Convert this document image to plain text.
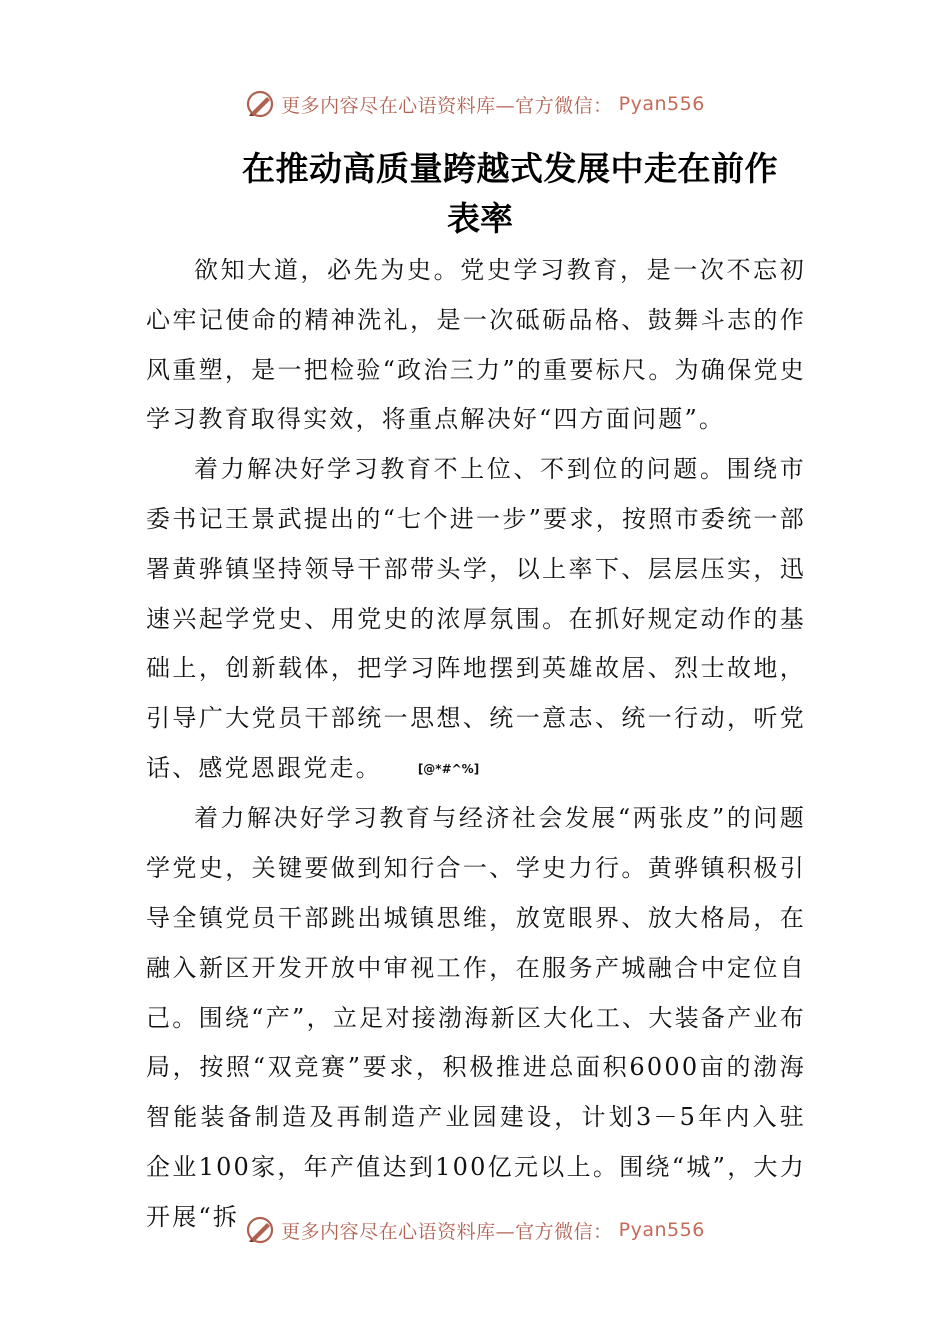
更多内容尽在心语资料库—官方微信： Pyan556
在推动高质量跨越式发展中走在前作
表率

欲知大道，必先为史。党史学习教育，是一次不忘初心牢记使命的精神洗礼，是一次砥砺品格、鼓舞斗志的作风重塑，是一把检验“政治三力”的重要标尺。为确保党史学习教育取得实效，将重点解决好“四方面问题”。

着力解决好学习教育不上位、不到位的问题。围绕市委书记王景武提出的“七个进一步”要求，按照市委统一部署黄骅镇坚持领导干部带头学，以上率下、层层压实，迅速兴起学党史、用党史的浓厚氛围。在抓好规定动作的基础上，创新载体，把学习阵地摆到英雄故居、烈士故地，引导广大党员干部统一思想、统一意志、统一行动，听党话、感党恩跟党走。	[@*#^%]

着力解决好学习教育与经济社会发展“两张皮”的问题学党史，关键要做到知行合一、学史力行。黄骅镇积极引导全镇党员干部跳出城镇思维，放宽眼界、放大格局，在融入新区开发开放中审视工作，在服务产城融合中定位自己。围绕“产”，立足对接渤海新区大化工、大装备产业布局，按照“双竞赛”要求，积极推进总面积6000亩的渤海智能装备制造及再制造产业园建设，计划3－5年内入驻企业100家，年产值达到100亿元以上。围绕“城”，大力开展“拆

更多内容尽在心语资料库—官方微信： Pyan556
